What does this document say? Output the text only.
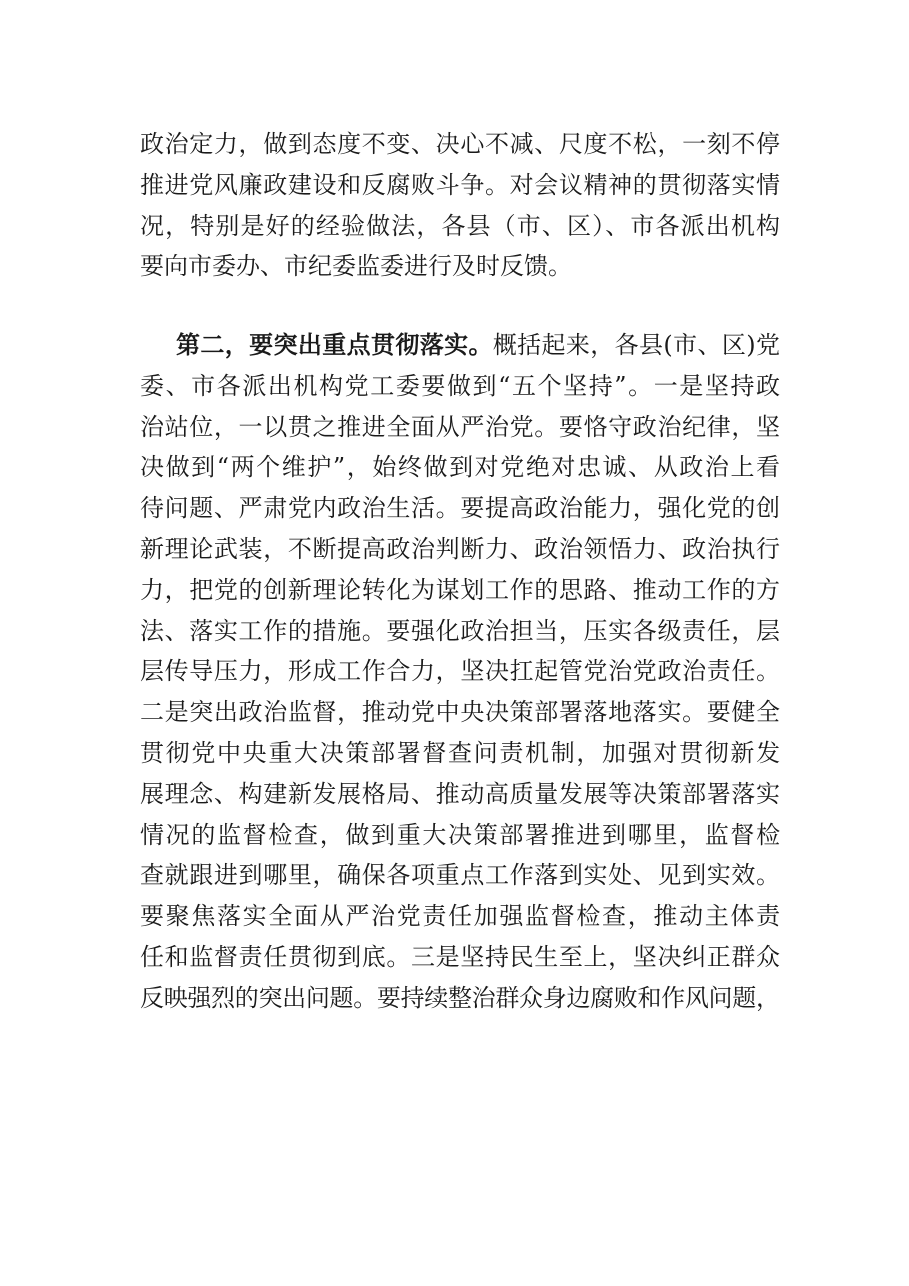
政治定力，做到态度不变、决心不减、尺度不松，一刻不停
推进党风廉政建设和反腐败斗争。对会议精神的贯彻落实情
况，特别是好的经验做法，各县（市、区）、市各派出机构
要向市委办、市纪委监委进行及时反馈。
第二，要突出重点贯彻落实。概括起来，各县(市、区)党
委、市各派出机构党工委要做到“五个坚持”。一是坚持政
治站位，一以贯之推进全面从严治党。要恪守政治纪律，坚
决做到“两个维护”，始终做到对党绝对忠诚、从政治上看
待问题、严肃党内政治生活。要提高政治能力，强化党的创
新理论武装，不断提高政治判断力、政治领悟力、政治执行
力，把党的创新理论转化为谋划工作的思路、推动工作的方
法、落实工作的措施。要强化政治担当，压实各级责任，层
层传导压力，形成工作合力，坚决扛起管党治党政治责任。
二是突出政治监督，推动党中央决策部署落地落实。要健全
贯彻党中央重大决策部署督查问责机制，加强对贯彻新发
展理念、构建新发展格局、推动高质量发展等决策部署落实
情况的监督检查，做到重大决策部署推进到哪里，监督检
查就跟进到哪里，确保各项重点工作落到实处、见到实效。
要聚焦落实全面从严治党责任加强监督检查，推动主体责
任和监督责任贯彻到底。三是坚持民生至上，坚决纠正群众
反映强烈的突出问题。要持续整治群众身边腐败和作风问题，
